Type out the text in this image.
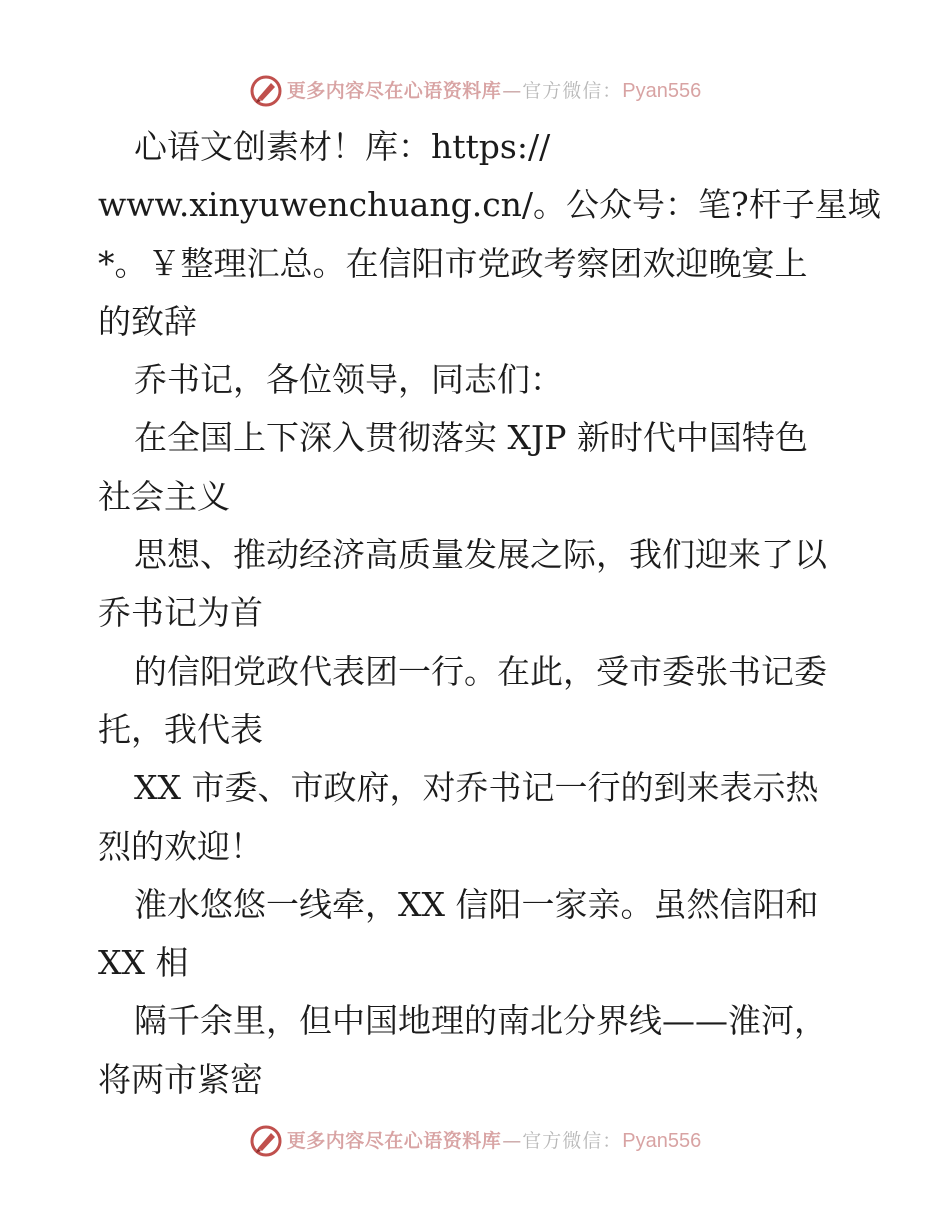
更多内容尽在心语资料库 — 官方微信： Pyan556
心语文创素材！库：https://
www.xinyuwenchuang.cn/。公众号：笔?杆子星域
*。￥整理汇总。在信阳市党政考察团欢迎晚宴上
的致辞
乔书记，各位领导，同志们：
在全国上下深入贯彻落实 XJP 新时代中国特色
社会主义
思想、推动经济高质量发展之际，我们迎来了以
乔书记为首
的信阳党政代表团一行。在此，受市委张书记委
托，我代表
XX 市委、市政府，对乔书记一行的到来表示热
烈的欢迎！
淮水悠悠一线牵，XX 信阳一家亲。虽然信阳和
XX 相
隔千余里，但中国地理的南北分界线——淮河，
将两市紧密
更多内容尽在心语资料库 — 官方微信： Pyan556
